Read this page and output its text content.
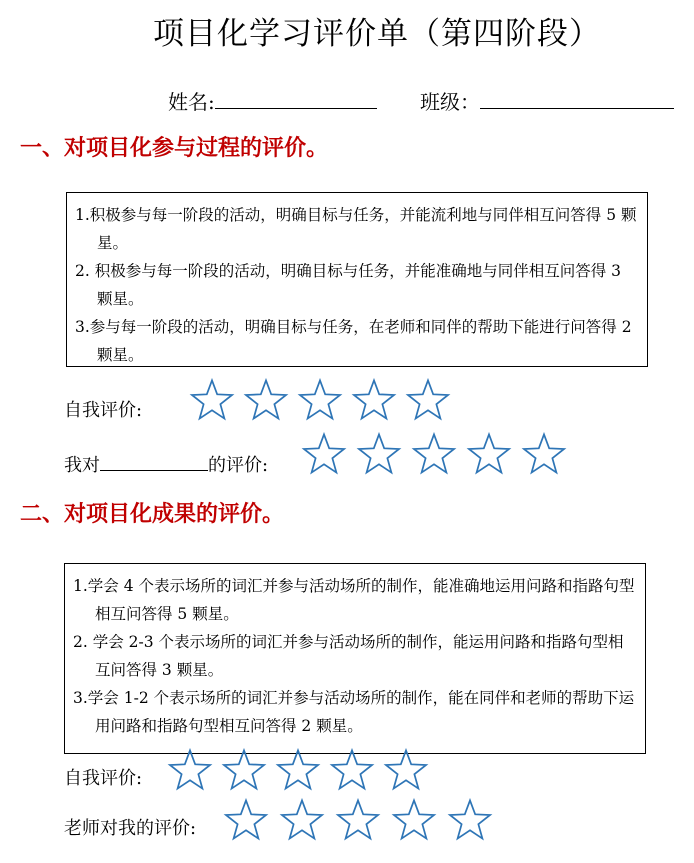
项目化学习评价单（第四阶段）
姓名:	班级：
一、对项目化参与过程的评价。

1.积极参与每一阶段的活动，明确目标与任务，并能流利地与同伴相互问答得 5 颗星。

2. 积极参与每一阶段的活动，明确目标与任务，并能准确地与同伴相互问答得 3 颗星。

3.参与每一阶段的活动，明确目标与任务，在老师和同伴的帮助下能进行问答得 2 颗星。

自我评价:
我对	的评价:
二、对项目化成果的评价。

1.学会 4 个表示场所的词汇并参与活动场所的制作，能准确地运用问路和指路句型相互问答得 5 颗星。

2. 学会 2-3 个表示场所的词汇并参与活动场所的制作，能运用问路和指路句型相互问答得 3 颗星。

3.学会 1-2 个表示场所的词汇并参与活动场所的制作，能在同伴和老师的帮助下运用问路和指路句型相互问答得 2 颗星。

自我评价:
老师对我的评价:
